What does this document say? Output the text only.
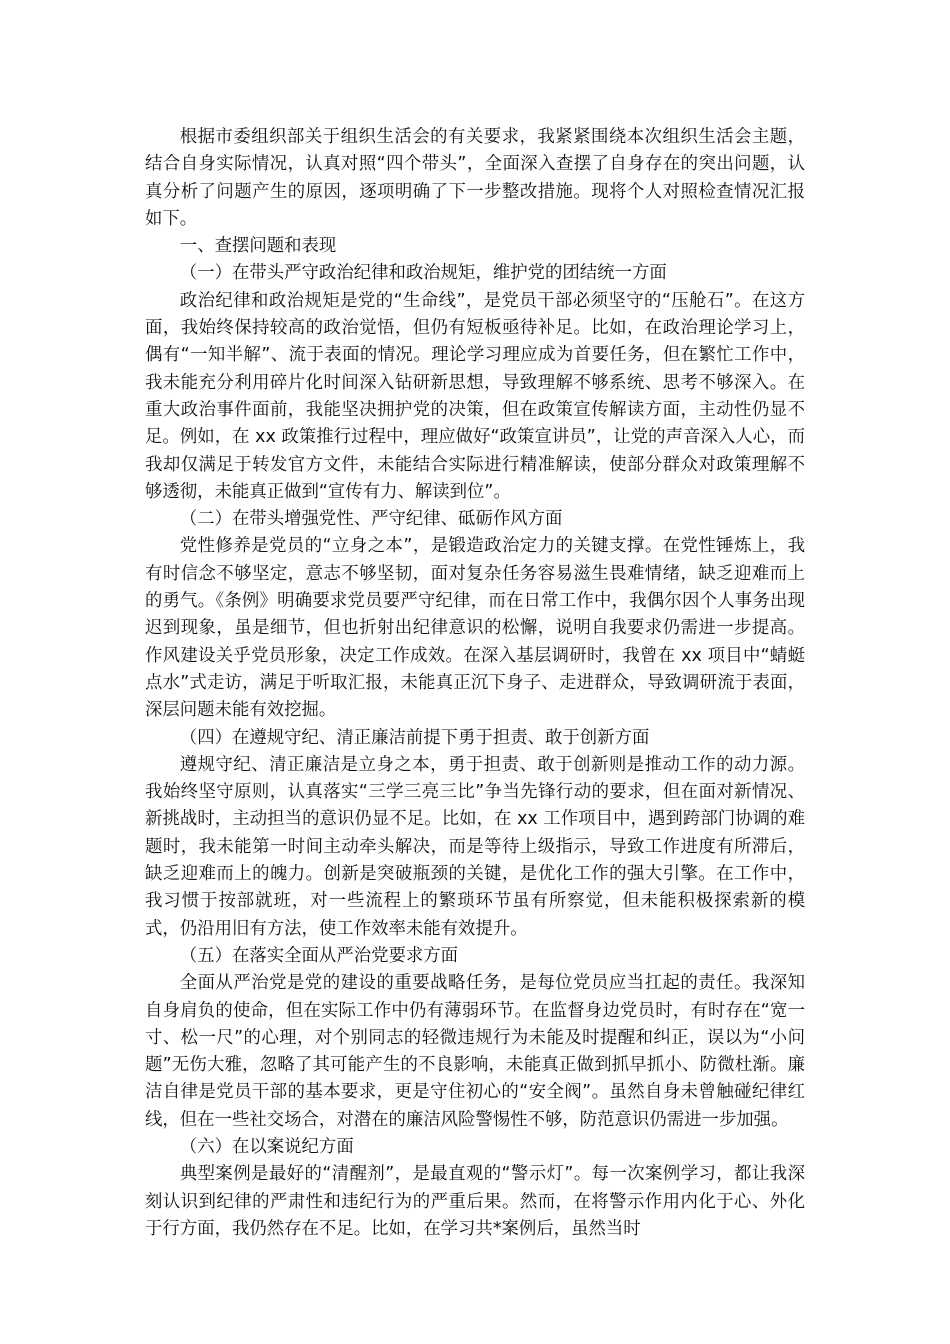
根据市委组织部关于组织生活会的有关要求，我紧紧围绕本次组织生活会主题，结合自身实际情况，认真对照“四个带头”，全面深入查摆了自身存在的突出问题，认真分析了问题产生的原因，逐项明确了下一步整改措施。现将个人对照检查情况汇报如下。

一、查摆问题和表现

（一）在带头严守政治纪律和政治规矩，维护党的团结统一方面

政治纪律和政治规矩是党的“生命线”，是党员干部必须坚守的“压舱石”。在这方面，我始终保持较高的政治觉悟，但仍有短板亟待补足。比如，在政治理论学习上，偶有“一知半解”、流于表面的情况。理论学习理应成为首要任务，但在繁忙工作中，我未能充分利用碎片化时间深入钻研新思想，导致理解不够系统、思考不够深入。在重大政治事件面前，我能坚决拥护党的决策，但在政策宣传解读方面，主动性仍显不足。例如，在 xx 政策推行过程中，理应做好“政策宣讲员”，让党的声音深入人心，而我却仅满足于转发官方文件，未能结合实际进行精准解读，使部分群众对政策理解不够透彻，未能真正做到“宣传有力、解读到位”。

（二）在带头增强党性、严守纪律、砥砺作风方面

党性修养是党员的“立身之本”，是锻造政治定力的关键支撑。在党性锤炼上，我有时信念不够坚定，意志不够坚韧，面对复杂任务容易滋生畏难情绪，缺乏迎难而上的勇气。《条例》明确要求党员要严守纪律，而在日常工作中，我偶尔因个人事务出现迟到现象，虽是细节，但也折射出纪律意识的松懈，说明自我要求仍需进一步提高。作风建设关乎党员形象，决定工作成效。在深入基层调研时，我曾在 xx 项目中“蜻蜓点水”式走访，满足于听取汇报，未能真正沉下身子、走进群众，导致调研流于表面，深层问题未能有效挖掘。

（四）在遵规守纪、清正廉洁前提下勇于担责、敢于创新方面

遵规守纪、清正廉洁是立身之本，勇于担责、敢于创新则是推动工作的动力源。我始终坚守原则，认真落实“三学三亮三比”争当先锋行动的要求，但在面对新情况、新挑战时，主动担当的意识仍显不足。比如，在 xx 工作项目中，遇到跨部门协调的难题时，我未能第一时间主动牵头解决，而是等待上级指示，导致工作进度有所滞后，缺乏迎难而上的魄力。创新是突破瓶颈的关键，是优化工作的强大引擎。在工作中，我习惯于按部就班，对一些流程上的繁琐环节虽有所察觉，但未能积极探索新的模式，仍沿用旧有方法，使工作效率未能有效提升。

（五）在落实全面从严治党要求方面

全面从严治党是党的建设的重要战略任务，是每位党员应当扛起的责任。我深知自身肩负的使命，但在实际工作中仍有薄弱环节。在监督身边党员时，有时存在“宽一寸、松一尺”的心理，对个别同志的轻微违规行为未能及时提醒和纠正，误以为“小问题”无伤大雅，忽略了其可能产生的不良影响，未能真正做到抓早抓小、防微杜渐。廉洁自律是党员干部的基本要求，更是守住初心的“安全阀”。虽然自身未曾触碰纪律红线，但在一些社交场合，对潜在的廉洁风险警惕性不够，防范意识仍需进一步加强。

（六）在以案说纪方面

典型案例是最好的“清醒剂”，是最直观的“警示灯”。每一次案例学习，都让我深刻认识到纪律的严肃性和违纪行为的严重后果。然而，在将警示作用内化于心、外化于行方面，我仍然存在不足。比如，在学习共*案例后，虽然当时
